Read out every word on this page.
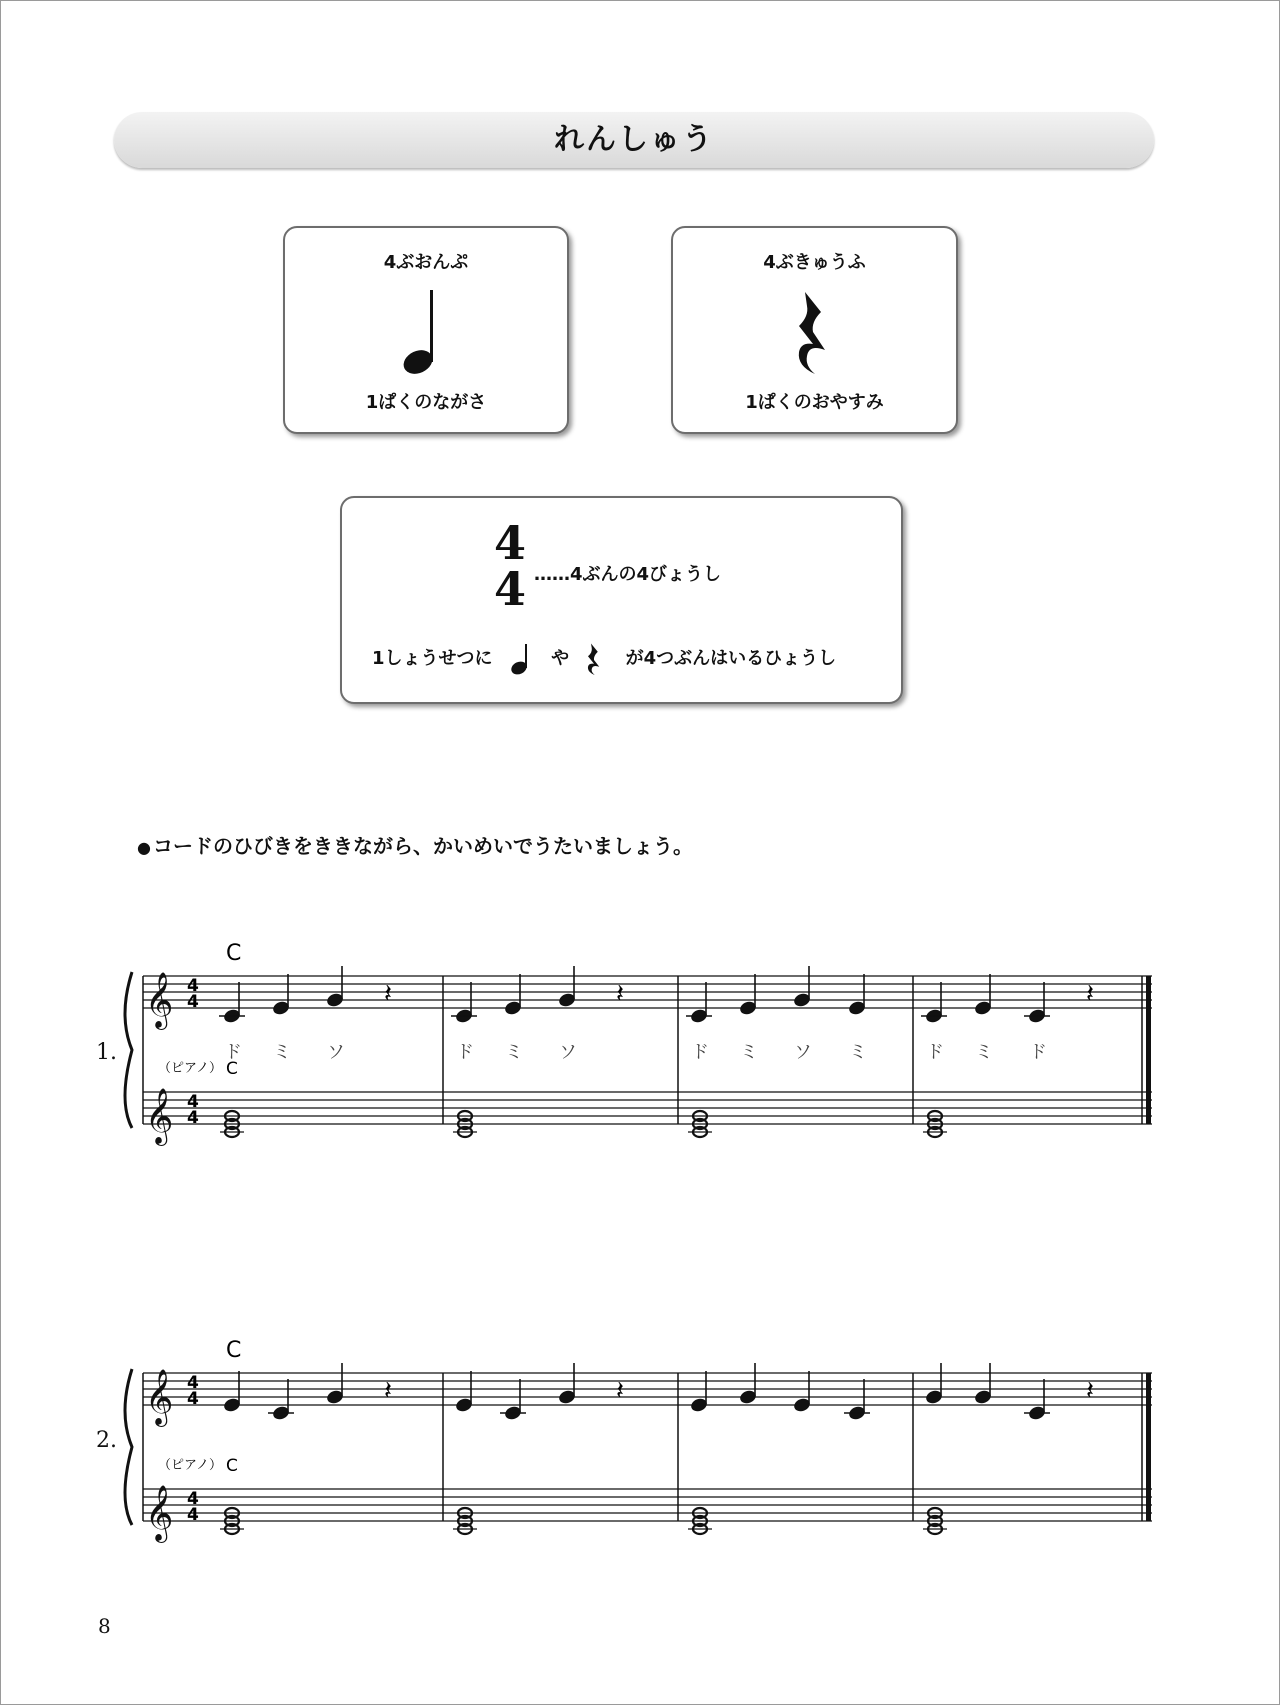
れんしゅう
4ぶおんぷ
1ぱくのながさ
4ぶきゅうふ
1ぱくのおやすみ
4
4 ……4ぶんの4びょうし
1しょうせつに	や	が4つぶんはいるひょうし
● コードのひびきをききながら、かいめいでうたいましょう。
1.
𝄞 4
4
𝄞 4
4
C
（ピアノ） C
ド ミ ソ
𝄽
ド ミ ソ
𝄽
ド ミ ソ ミ	ド ミ ド
𝄽
2.
𝄞 4
4
𝄞 4
4
C
（ピアノ） C
𝄽	𝄽	𝄽
8
